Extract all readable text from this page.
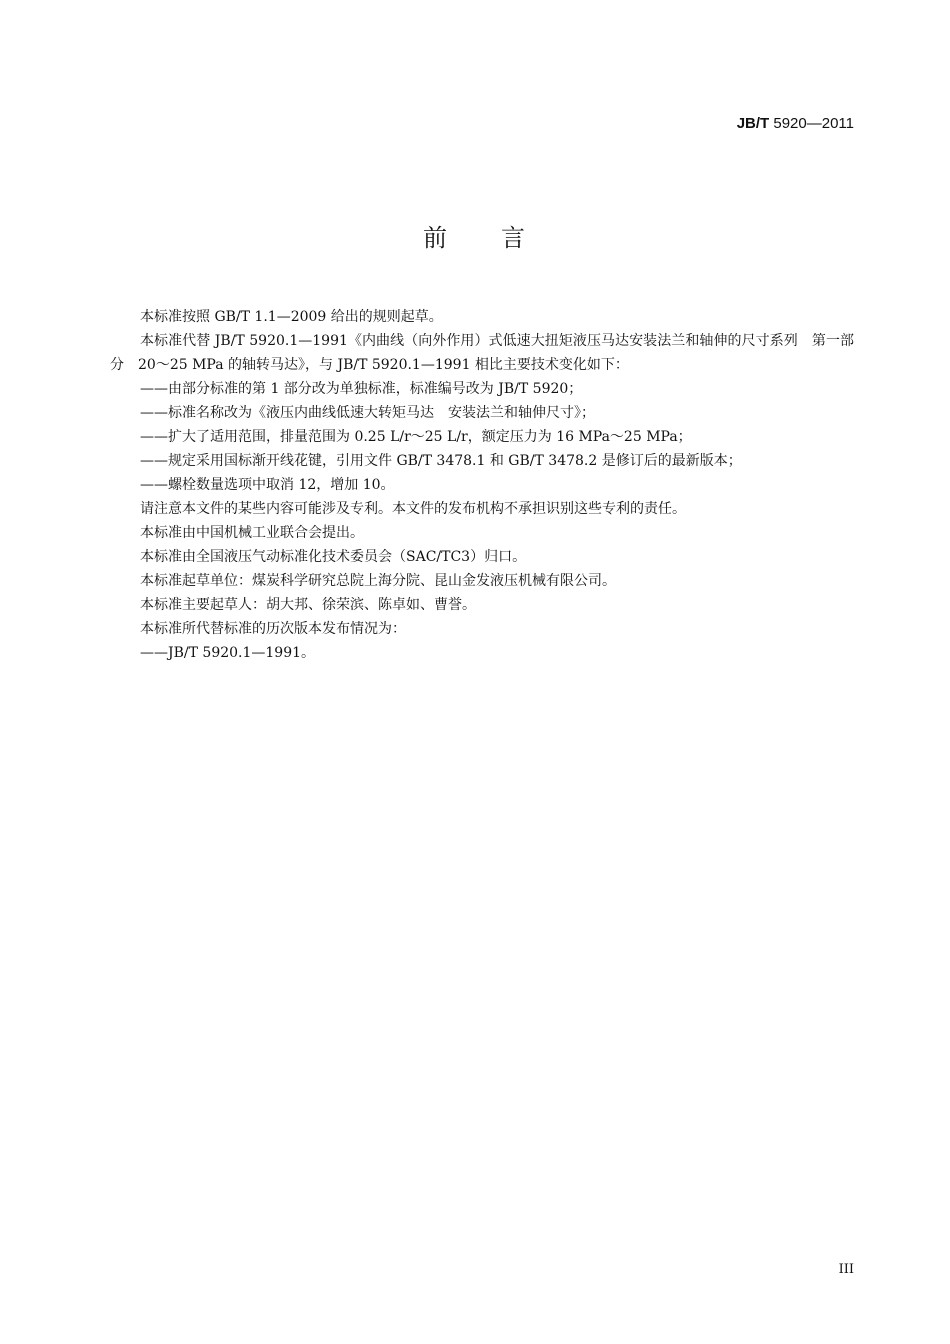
JB/T 5920—2011
前　　言

本标准按照 GB/T 1.1—2009 给出的规则起草。

本标准代替 JB/T 5920.1—1991《内曲线（向外作用）式低速大扭矩液压马达安装法兰和轴伸的尺寸系列　第一部分　20～25 MPa 的轴转马达》，与 JB/T 5920.1—1991 相比主要技术变化如下：

——由部分标准的第 1 部分改为单独标准，标准编号改为 JB/T 5920；

——标准名称改为《液压内曲线低速大转矩马达　安装法兰和轴伸尺寸》；

——扩大了适用范围，排量范围为 0.25 L/r～25 L/r，额定压力为 16 MPa～25 MPa；

——规定采用国标渐开线花键，引用文件 GB/T 3478.1 和 GB/T 3478.2 是修订后的最新版本；

——螺栓数量选项中取消 12，增加 10。

请注意本文件的某些内容可能涉及专利。本文件的发布机构不承担识别这些专利的责任。

本标准由中国机械工业联合会提出。

本标准由全国液压气动标准化技术委员会（SAC/TC3）归口。

本标准起草单位：煤炭科学研究总院上海分院、昆山金发液压机械有限公司。

本标准主要起草人：胡大邦、徐荣滨、陈卓如、曹誉。

本标准所代替标准的历次版本发布情况为：

——JB/T 5920.1—1991。

III
